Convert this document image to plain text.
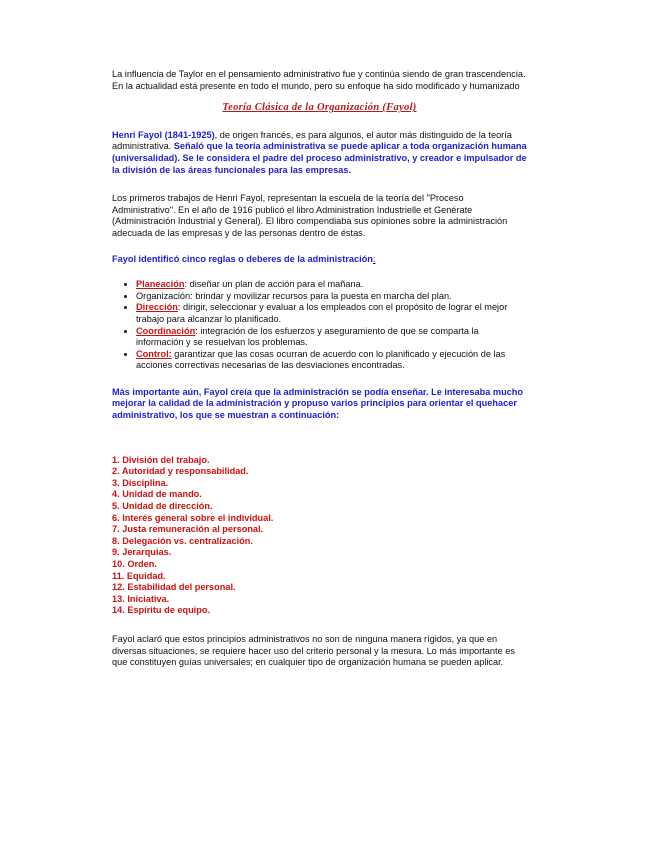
La influencia de Taylor en el pensamiento administrativo fue y continúa siendo de gran trascendencia. En la actualidad está presente en todo el mundo, pero su enfoque ha sido modificado y humanizado

Teoría Clásica de la Organización (Fayol)

Henri Fayol (1841-1925), de origen francés, es para algunos, el autor más distinguido de la teoría administrativa. Señaló que la teoría administrativa se puede aplicar a toda organización humana (universalidad). Se le considera el padre del proceso administrativo, y creador e impulsador de la división de las áreas funcionales para las empresas.

Los primeros trabajos de Henri Fayol, representan la escuela de la teoría del "Proceso Administrativo". En el año de 1916 publicó el libro Administration Industrielle et Genérate (Administración Industrial y General). El libro compendiaba sus opiniones sobre la administración adecuada de las empresas y de las personas dentro de éstas.

Fayol identificó cinco reglas o deberes de la administración:

• Planeación: diseñar un plan de acción para el mañana.
• Organización: brindar y movilizar recursos para la puesta en marcha del plan.
• Dirección: dirigir, seleccionar y evaluar a los empleados con el propósito de lograr el mejor trabajo para alcanzar lo planificado.
• Coordinación: integración de los esfuerzos y aseguramiento de que se comparta la información y se resuelvan los problemas.
• Control: garantizar que las cosas ocurran de acuerdo con lo planificado y ejecución de las acciones correctivas necesarias de las desviaciones encontradas.

Más importante aún, Fayol creía que la administración se podía enseñar. Le interesaba mucho mejorar la calidad de la administración y propuso varios principios para orientar el quehacer administrativo, los que se muestran a continuación:

1. División del trabajo.
2. Autoridad y responsabilidad.
3. Disciplina.
4. Unidad de mando.
5. Unidad de dirección.
6. Interés general sobre el individual.
7. Justa remuneración al personal.
8. Delegación vs. centralización.
9. Jerarquías.
10. Orden.
11. Equidad.
12. Estabilidad del personal.
13. Iniciativa.
14. Espíritu de equipo.

Fayol aclaró que estos principios administrativos no son de ninguna manera rígidos, ya que en diversas situaciones, se requiere hacer uso del criterio personal y la mesura. Lo más importante es que constituyen guías universales; en cualquier tipo de organización humana se pueden aplicar.
